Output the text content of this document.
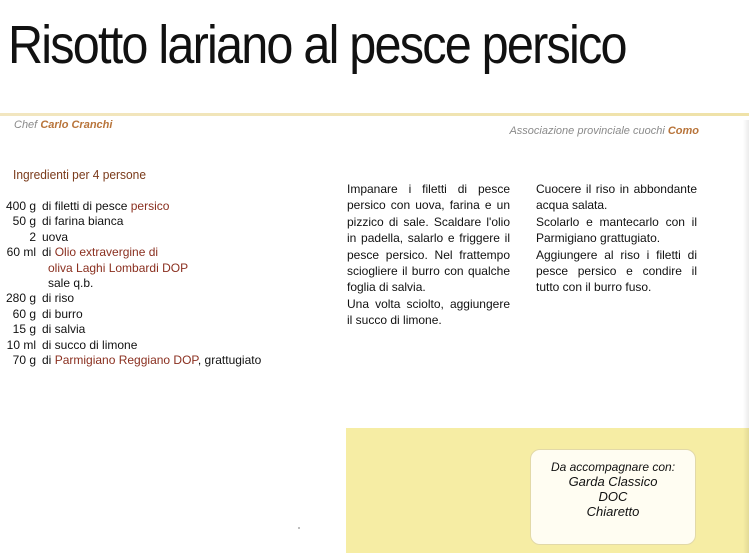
Risotto lariano al pesce persico
Chef Carlo Cranchi	Associazione provinciale cuochi Como
Ingredienti per 4 persone
400 g di filetti di pesce persico
50 g di farina bianca
2 uova
60 ml di Olio extravergine di
oliva Laghi Lombardi DOP
sale q.b.
280 g di riso
60 g di burro
15 g di salvia
10 ml di succo di limone
70 g di Parmigiano Reggiano DOP, grattugiato

Impanare i filetti di pesce persico con uova, farina e un pizzico di sale. Scaldare l'olio in padella, salarlo e friggere il pesce persico. Nel frattempo sciogliere il burro con qualche foglia di salvia.

Una volta sciolto, aggiungere il succo di limone.

Cuocere il riso in abbondante acqua salata.

Scolarlo e mantecarlo con il Parmigiano grattugiato.

Aggiungere al riso i filetti di pesce persico e condire il tutto con il burro fuso.

Da accompagnare con:
Garda Classico
DOC
Chiaretto
